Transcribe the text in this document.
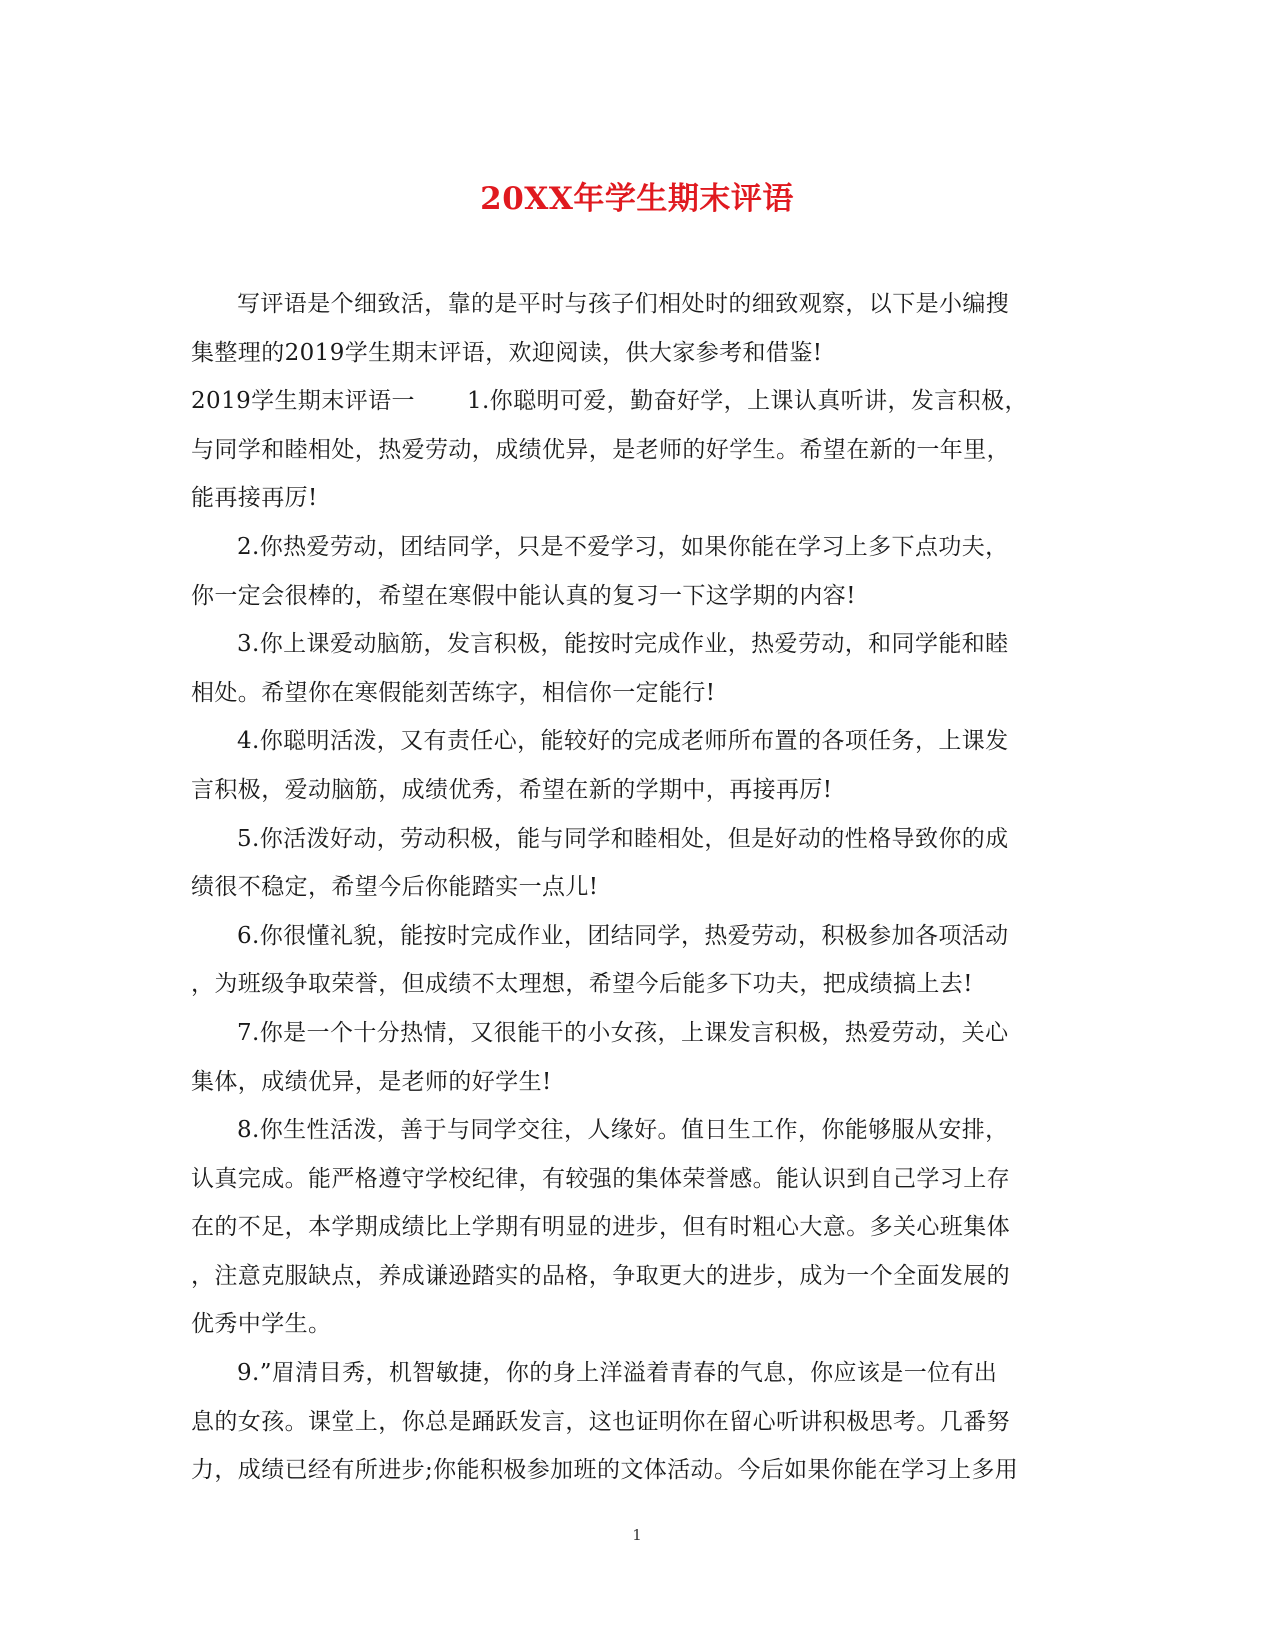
20XX年学生期末评语
写评语是个细致活，靠的是平时与孩子们相处时的细致观察，以下是小编搜
集整理的2019学生期末评语，欢迎阅读，供大家参考和借鉴!
2019学生期末评语一 1.你聪明可爱，勤奋好学，上课认真听讲，发言积极，
与同学和睦相处，热爱劳动，成绩优异，是老师的好学生。希望在新的一年里，
能再接再厉!
2.你热爱劳动，团结同学，只是不爱学习，如果你能在学习上多下点功夫，
你一定会很棒的，希望在寒假中能认真的复习一下这学期的内容!
3.你上课爱动脑筋，发言积极，能按时完成作业，热爱劳动，和同学能和睦
相处。希望你在寒假能刻苦练字，相信你一定能行!
4.你聪明活泼，又有责任心，能较好的完成老师所布置的各项任务，上课发
言积极，爱动脑筋，成绩优秀，希望在新的学期中，再接再厉!
5.你活泼好动，劳动积极，能与同学和睦相处，但是好动的性格导致你的成
绩很不稳定，希望今后你能踏实一点儿!
6.你很懂礼貌，能按时完成作业，团结同学，热爱劳动，积极参加各项活动
，为班级争取荣誉，但成绩不太理想，希望今后能多下功夫，把成绩搞上去!
7.你是一个十分热情，又很能干的小女孩，上课发言积极，热爱劳动，关心
集体，成绩优异，是老师的好学生!
8.你生性活泼，善于与同学交往，人缘好。值日生工作，你能够服从安排，
认真完成。能严格遵守学校纪律，有较强的集体荣誉感。能认识到自己学习上存
在的不足，本学期成绩比上学期有明显的进步，但有时粗心大意。多关心班集体
，注意克服缺点，养成谦逊踏实的品格，争取更大的进步，成为一个全面发展的
优秀中学生。
9.”眉清目秀，机智敏捷，你的身上洋溢着青春的气息，你应该是一位有出
息的女孩。课堂上，你总是踊跃发言，这也证明你在留心听讲积极思考。几番努
力，成绩已经有所进步;你能积极参加班的文体活动。今后如果你能在学习上多用
1
